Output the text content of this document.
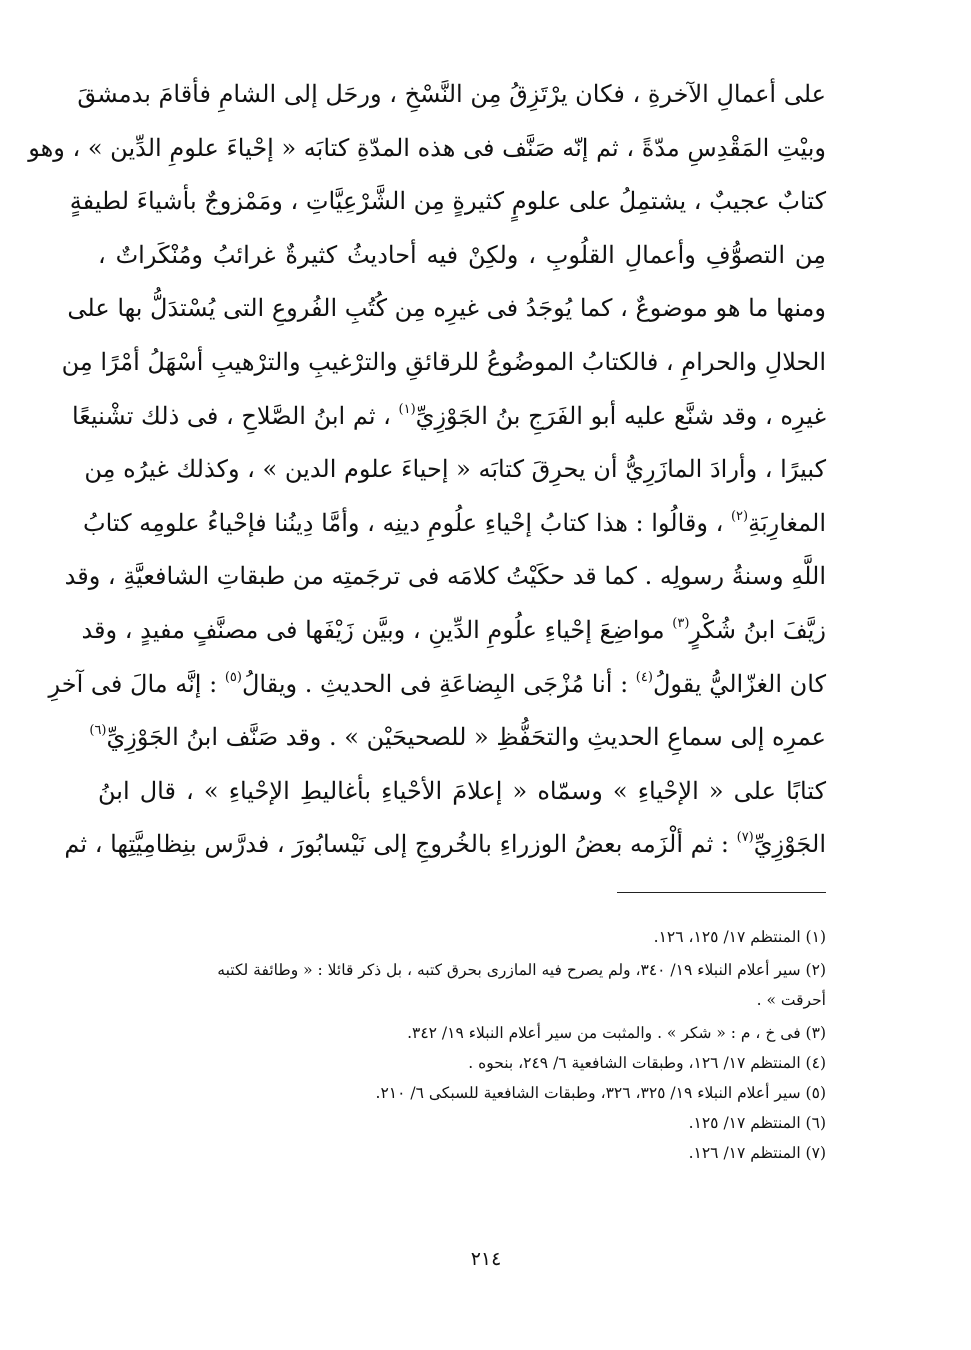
على أعمالِ الآخرةِ ، فكان يرْتَزِقُ مِن النَّسْخِ ، ورحَل إلى الشامِ فأقامَ بدمشقَ
وبيْتِ المَقْدِسِ مدّةً ، ثم إنّه صَنَّف فى هذه المدّةِ كتابَه « إحْياءَ علومِ الدِّين » ، وهو
كتابٌ عجيبٌ ، يشتمِلُ على علومٍ كثيرةٍ مِن الشَّرْعِيَّاتِ ، ومَمْزوجٌ بأشياءَ لطيفةٍ
مِن التصوُّفِ وأعمالِ القلُوبِ ، ولكِنْ فيه أحاديثُ كثيرةٌ غرائبُ ومُنْكَراتٌ ،
ومنها ما هو موضوعٌ ، كما يُوجَدُ فى غيرِه مِن كُتُبِ الفُروعِ التى يُسْتدَلُّ بها على
الحلالِ والحرامِ ، فالكتابُ الموضُوعُ للرقائقِ والترْغيبِ والترْهيبِ أسْهَلُ أمْرًا مِن
غيرِه ، وقد شنَّع عليه أبو الفَرَجِ بنُ الجَوْزِيِّ$^{(١)}$ ، ثم ابنُ الصَّلاحِ ، فى ذلك تشْنيعًا
كبيرًا ، وأرادَ المازَرِيُّ أن يحرِقَ كتابَه « إحياءَ علوم الدين » ، وكذلك غيرُه مِن
المغارِبَةِ$^{(٢)}$ ، وقالُوا : هذا كتابُ إحْياءِ علُومِ دينِه ، وأمَّا دِينُنا فإحْياءُ علومِه كتابُ
اللَّهِ وسنةُ رسولِه . كما قد حكَيْتُ كلامَه فى ترجَمتِه من طبقاتِ الشافعيَّةِ ، وقد
زيَّفَ ابنُ شُكْرٍ$^{(٣)}$ مواضِعَ إحْياءِ علُومِ الدِّينِ ، وبيَّن زَيْفَها فى مصنَّفٍ مفيدٍ ، وقد
كان الغزّاليُّ يقولُ$^{(٤)}$ : أنا مُزْجَى البِضاعَةِ فى الحديثِ . ويقالُ$^{(٥)}$ : إنَّه مالَ فى آخرِ
عمرِه إلى سماعِ الحديثِ والتحَفُّظِ « للصحيحَيْن » . وقد صَنَّف ابنُ الجَوْزِيِّ$^{(٦)}$
كتابًا على « الإحْياءِ » وسمّاه « إعلامَ الأحْياءِ بأغاليطِ الإحْياءِ » ، قال ابنُ
الجَوْزِيِّ$^{(٧)}$ : ثم ألْزَمه بعضُ الوزراءِ بالخُروجِ إلى نَيْسابُورَ ، فدرَّس بنِظامِيَّتِها ، ثم
(١) المنتظم ١٧/ ١٢٥، ١٢٦.
(٢) سير أعلام النبلاء ١٩/ ٣٤٠، ولم يصرح فيه المازرى بحرق كتبه ، بل ذكر قائلا : « وطائفة لكتبه
أحرقت » .
(٣) فى خ ، م : « شكر » . والمثبت من سير أعلام النبلاء ١٩/ ٣٤٢.
(٤) المنتظم ١٧/ ١٢٦، وطبقات الشافعية ٦/ ٢٤٩، بنحوه .
(٥) سير أعلام النبلاء ١٩/ ٣٢٥، ٣٢٦، وطبقات الشافعية للسبكى ٦/ ٢١٠.
(٦) المنتظم ١٧/ ١٢٥.
(٧) المنتظم ١٧/ ١٢٦.
٢١٤
